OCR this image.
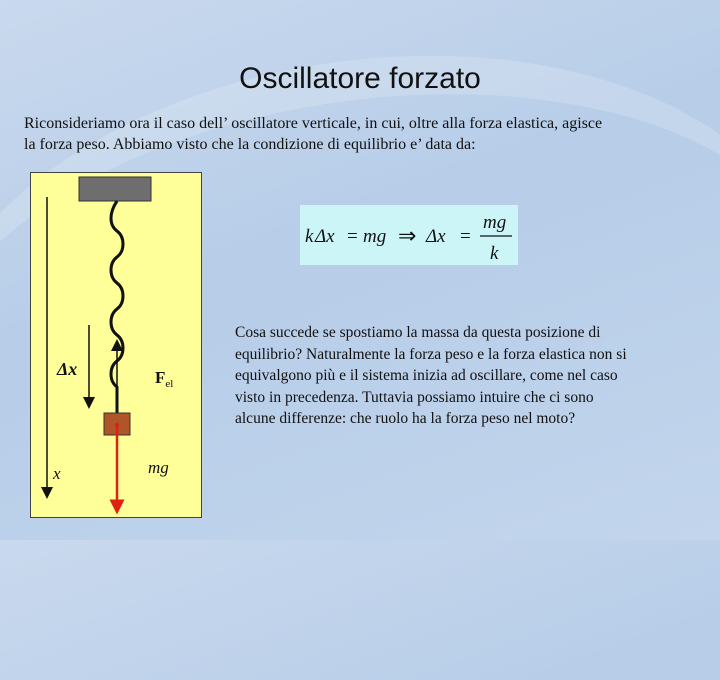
Oscillatore forzato
Riconsideriamo ora il caso dell’ oscillatore verticale, in cui, oltre alla forza elastica, agisce
la forza peso. Abbiamo visto che la condizione di equilibrio e’ data da:
k Δx = mg ⇒ Δx =
mg
k
Cosa succede se spostiamo la massa da questa posizione di
equilibrio? Naturalmente la forza peso e la forza elastica non si
equivalgono più e il sistema inizia ad oscillare, come nel caso
visto in precedenza. Tuttavia possiamo intuire che ci sono
alcune differenze: che ruolo ha la forza peso nel moto?
Δx
x
$F_{el}$
mg
